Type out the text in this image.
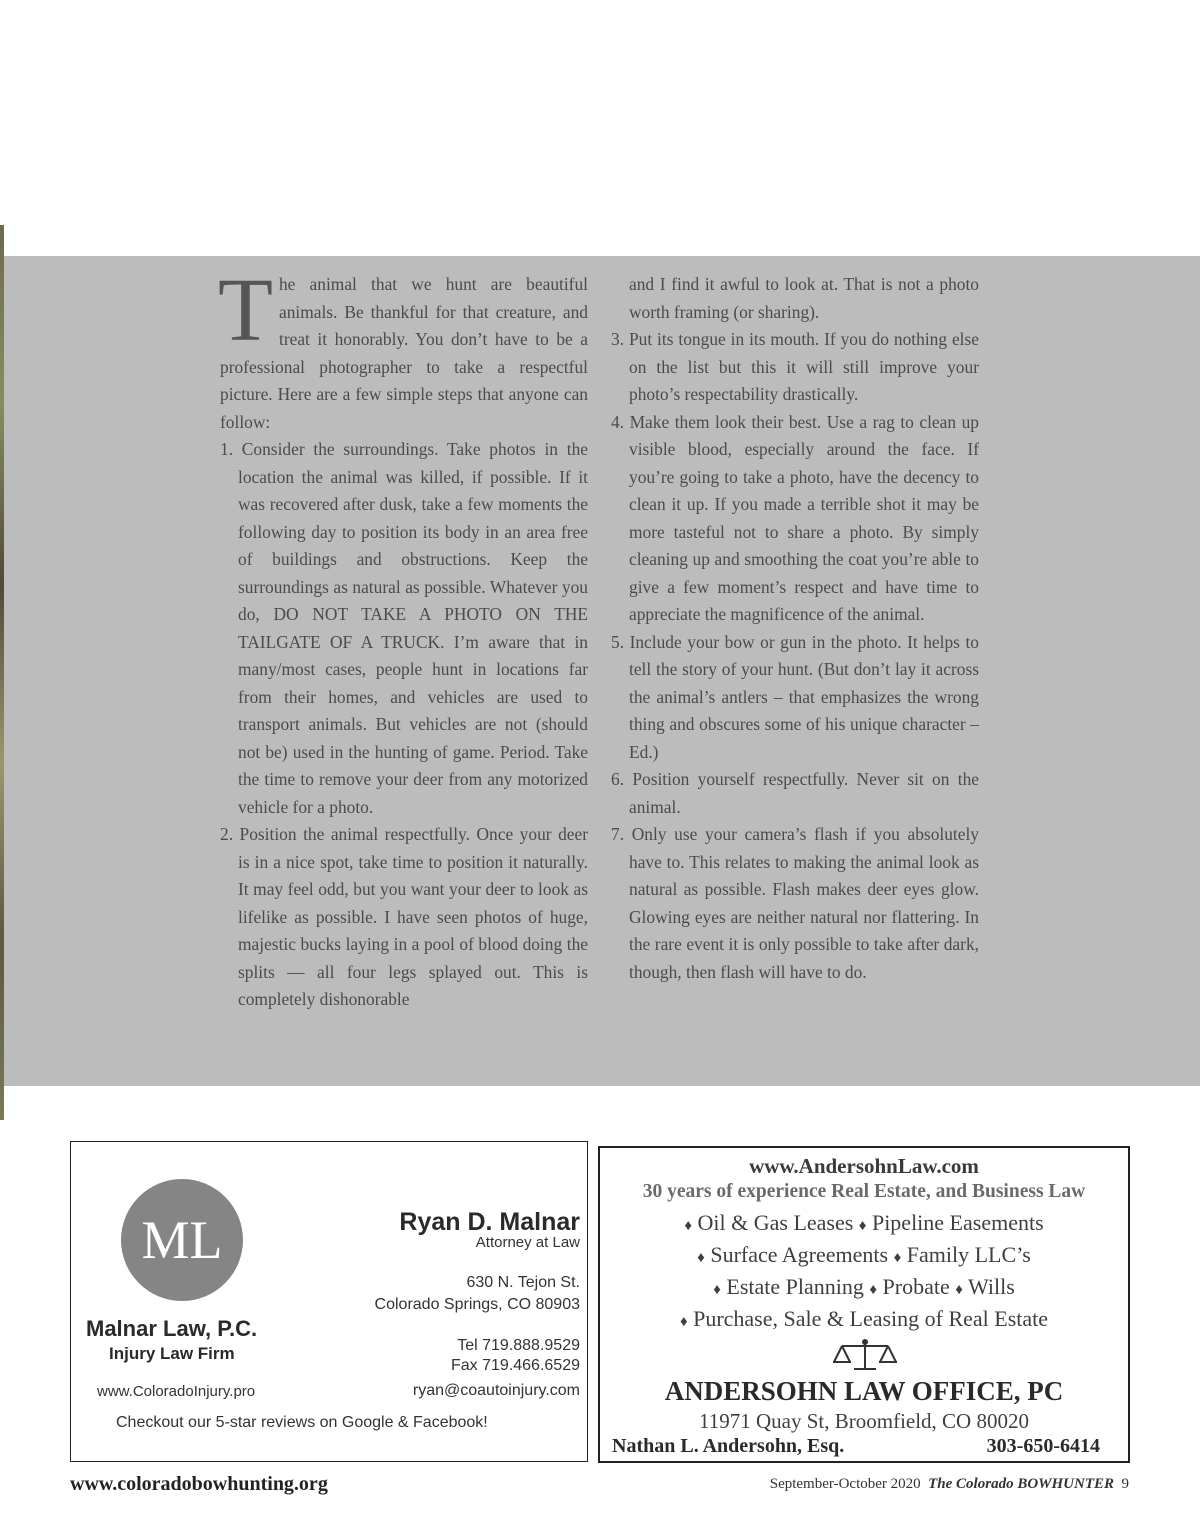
The animal that we hunt are beautiful animals. Be thankful for that creature, and treat it honorably. You don’t have to be a professional photographer to take a respectful picture. Here are a few simple steps that anyone can follow:

1. Consider the surroundings. Take photos in the location the animal was killed, if possible. If it was recovered after dusk, take a few moments the following day to position its body in an area free of buildings and obstructions. Keep the surroundings as natural as possible. Whatever you do, DO NOT TAKE A PHOTO ON THE TAILGATE OF A TRUCK. I’m aware that in many/most cases, people hunt in locations far from their homes, and vehicles are used to transport animals. But vehicles are not (should not be) used in the hunting of game. Period. Take the time to remove your deer from any motorized vehicle for a photo.

2. Position the animal respectfully. Once your deer is in a nice spot, take time to position it naturally. It may feel odd, but you want your deer to look as lifelike as possible. I have seen photos of huge, majestic bucks laying in a pool of blood doing the splits — all four legs splayed out. This is completely dishonorable

and I find it awful to look at. That is not a photo worth framing (or sharing).

3. Put its tongue in its mouth. If you do nothing else on the list but this it will still improve your photo’s respectability drastically.

4. Make them look their best. Use a rag to clean up visible blood, especially around the face. If you’re going to take a photo, have the decency to clean it up. If you made a terrible shot it may be more tasteful not to share a photo. By simply cleaning up and smoothing the coat you’re able to give a few moment’s respect and have time to appreciate the magnificence of the animal.

5. Include your bow or gun in the photo. It helps to tell the story of your hunt. (But don’t lay it across the animal’s antlers – that emphasizes the wrong thing and obscures some of his unique character – Ed.)

6. Position yourself respectfully. Never sit on the animal.

7. Only use your camera’s flash if you absolutely have to. This relates to making the animal look as natural as possible. Flash makes deer eyes glow. Glowing eyes are neither natural nor flattering. In the rare event it is only possible to take after dark, though, then flash will have to do.

ML	Ryan D. Malnar
Attorney at Law
630 N. Tejon St.
Colorado Springs, CO 80903
Malnar Law, P.C.
Injury Law Firm	Tel 719.888.9529
Fax 719.466.6529
www.ColoradoInjury.pro	ryan@coautoinjury.com
Checkout our 5-star reviews on Google & Facebook!
www.AndersohnLaw.com
30 years of experience Real Estate, and Business Law
♦ Oil & Gas Leases ♦ Pipeline Easements
♦ Surface Agreements ♦ Family LLC’s
♦ Estate Planning ♦ Probate ♦ Wills
♦ Purchase, Sale & Leasing of Real Estate
ANDERSOHN LAW OFFICE, PC
11971 Quay St, Broomfield, CO 80020
Nathan L. Andersohn, Esq.	303-650-6414
www.coloradobowhunting.org	September-October 2020 The Colorado BOWHUNTER 9
